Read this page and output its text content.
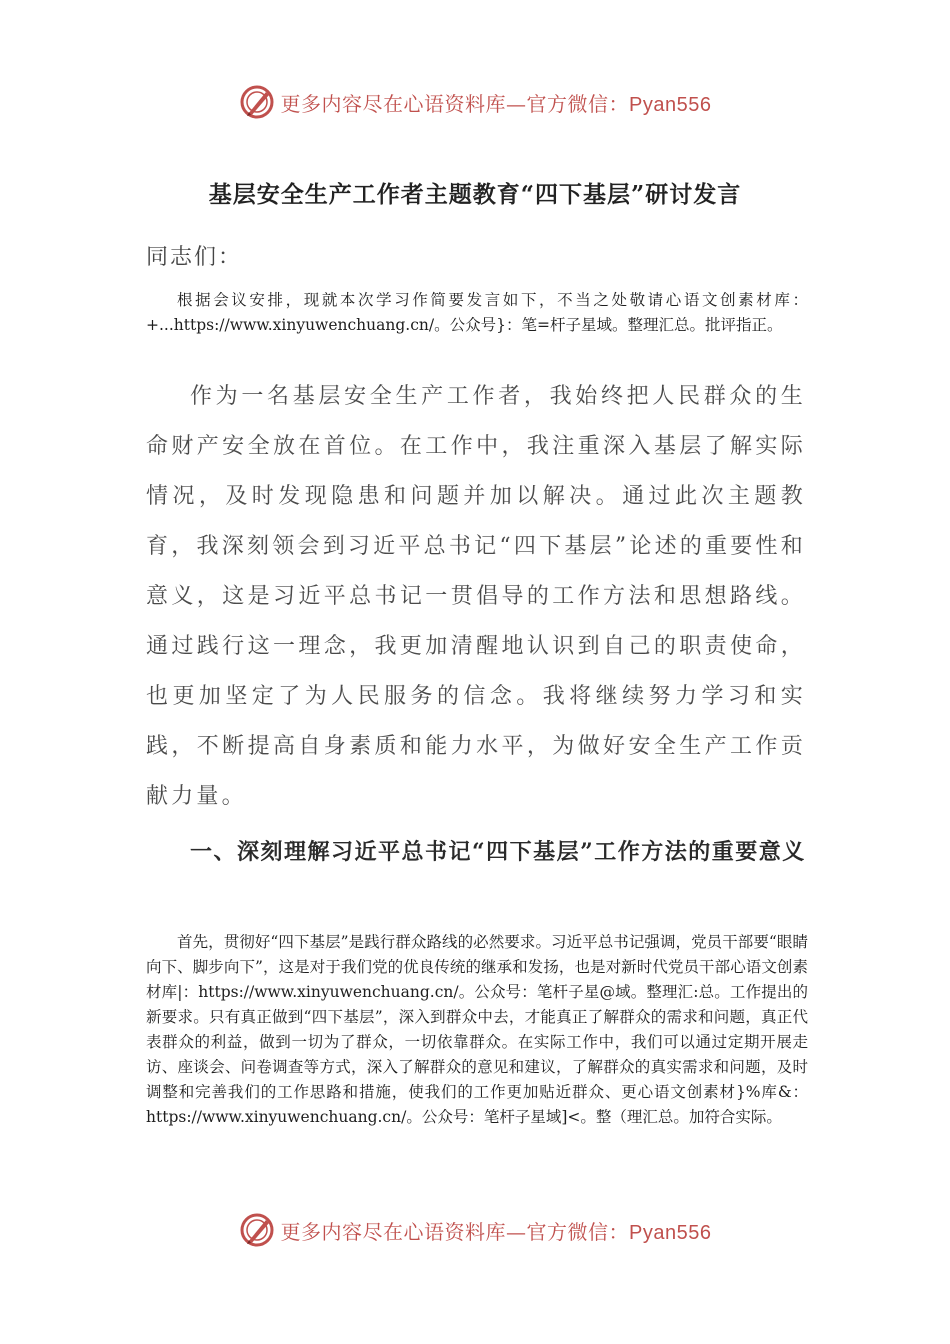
更多内容尽在心语资料库—官方微信：Pyan556
基层安全生产工作者主题教育“四下基层”研讨发言
同志们：
根据会议安排，现就本次学习作简要发言如下，不当之处敬请心语文创素材库：+...https://www.xinyuwenchuang.cn/。公众号}：笔=杆子星域。整理汇总。批评指正。
作为一名基层安全生产工作者，我始终把人民群众的生命财产安全放在首位。在工作中，我注重深入基层了解实际情况，及时发现隐患和问题并加以解决。通过此次主题教育，我深刻领会到习近平总书记“四下基层”论述的重要性和意义，这是习近平总书记一贯倡导的工作方法和思想路线。通过践行这一理念，我更加清醒地认识到自己的职责使命，也更加坚定了为人民服务的信念。我将继续努力学习和实践，不断提高自身素质和能力水平，为做好安全生产工作贡献力量。
一、深刻理解习近平总书记“四下基层”工作方法的重要意义
首先，贯彻好“四下基层”是践行群众路线的必然要求。习近平总书记强调，党员干部要“眼睛向下、脚步向下”，这是对于我们党的优良传统的继承和发扬，也是对新时代党员干部心语文创素材库|：https://www.xinyuwenchuang.cn/。公众号：笔杆子星@域。整理汇:总。工作提出的新要求。只有真正做到“四下基层”，深入到群众中去，才能真正了解群众的需求和问题，真正代表群众的利益，做到一切为了群众，一切依靠群众。在实际工作中，我们可以通过定期开展走访、座谈会、问卷调查等方式，深入了解群众的意见和建议，了解群众的真实需求和问题，及时调整和完善我们的工作思路和措施，使我们的工作更加贴近群众、更心语文创素材}%库&：https://www.xinyuwenchuang.cn/。公众号：笔杆子星域]<。整（理汇总。加符合实际。
更多内容尽在心语资料库—官方微信：Pyan556
